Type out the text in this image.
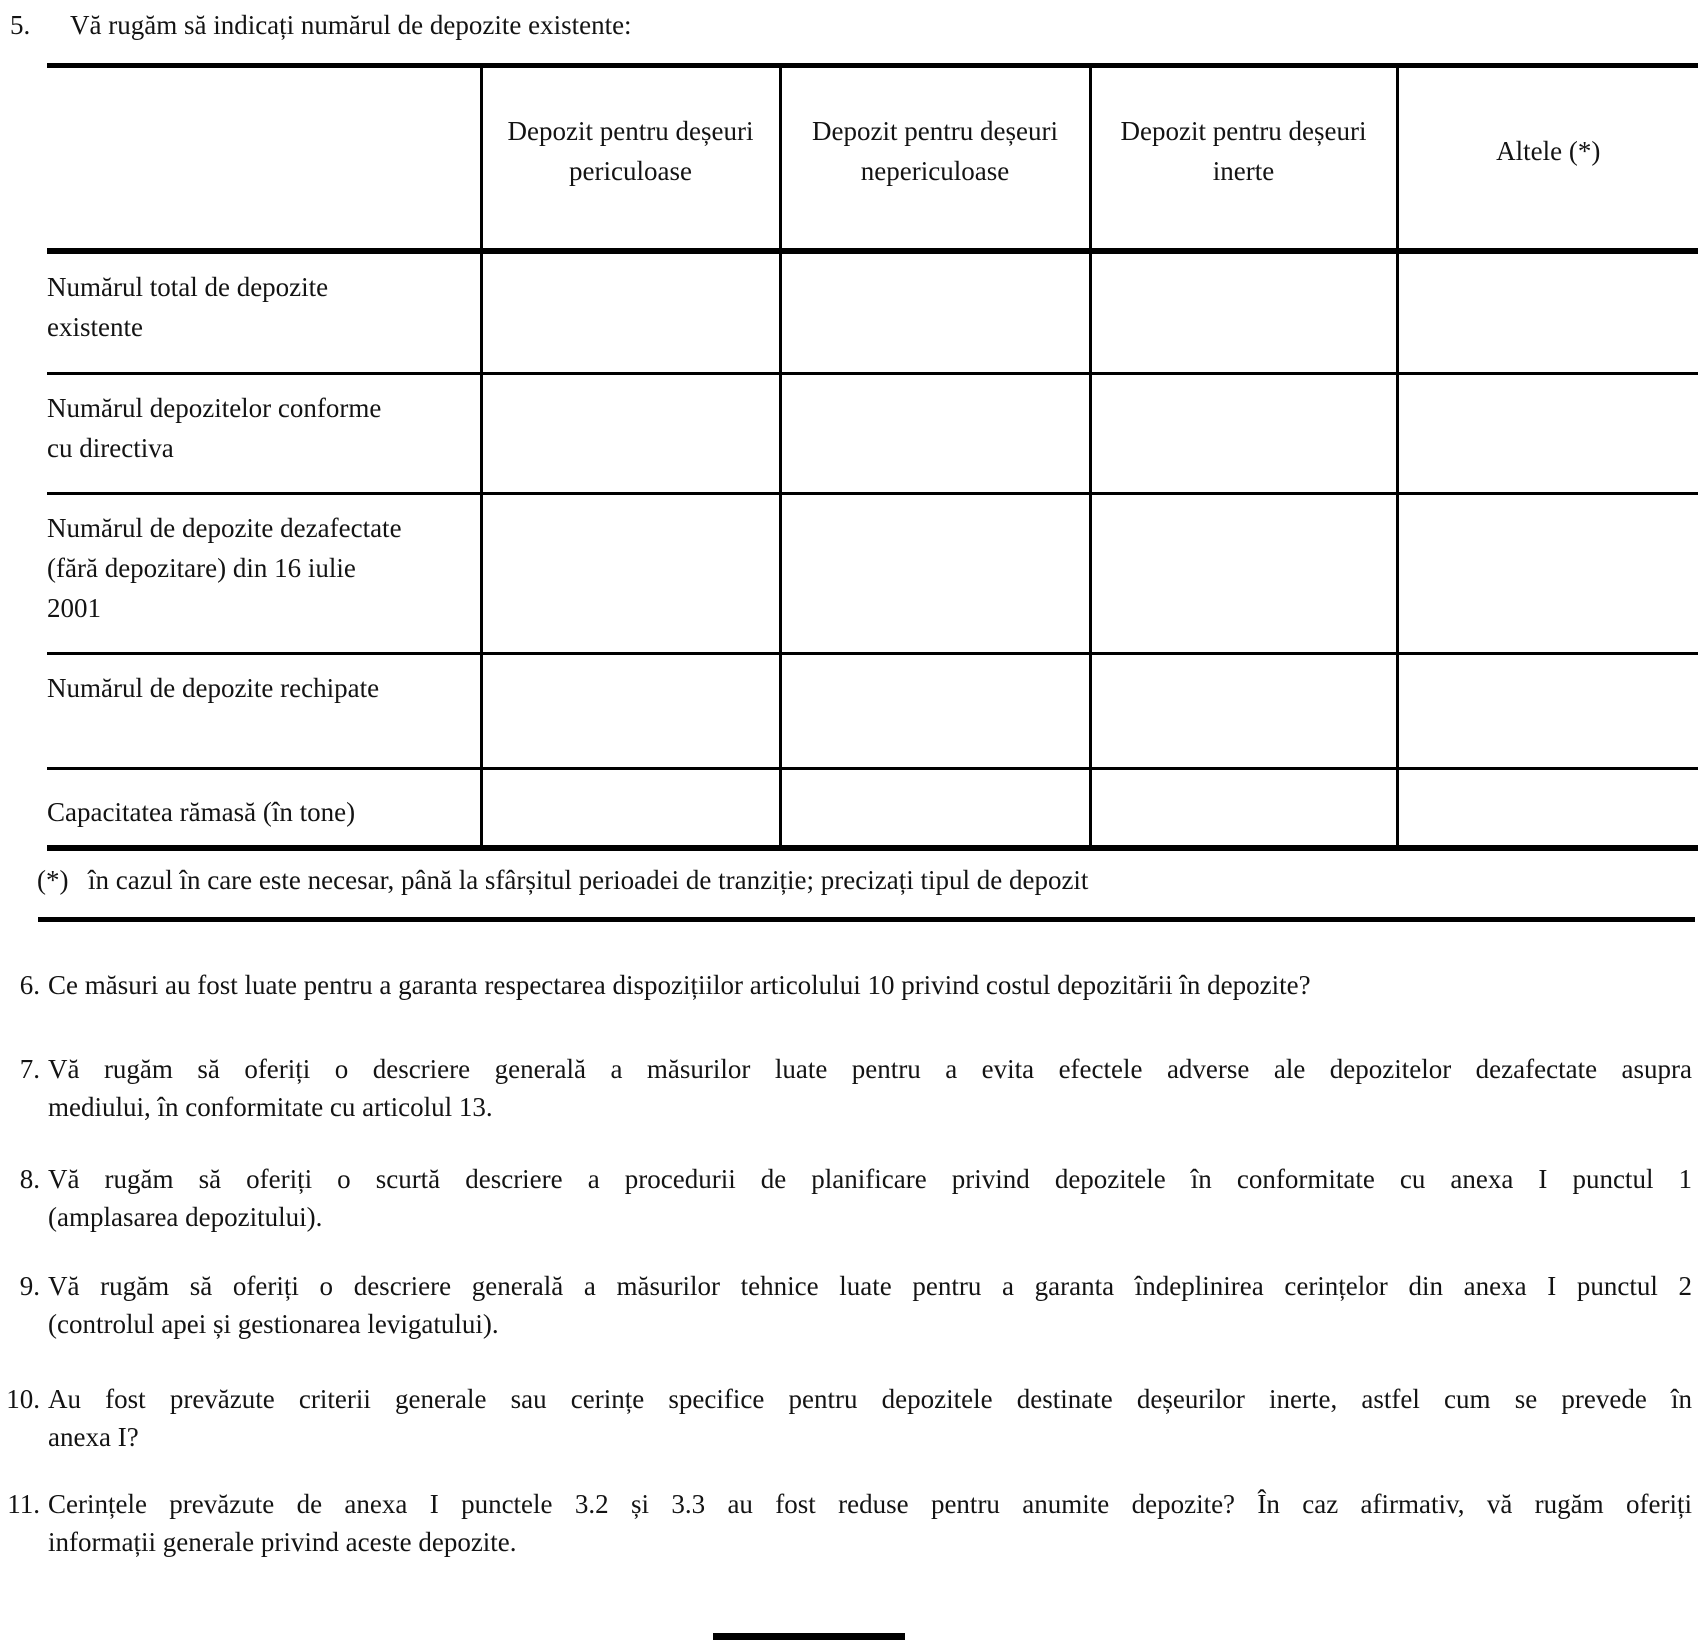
5.	Vă rugăm să indicați numărul de depozite existente:
	Depozit pentru deșeuri periculoase	Depozit pentru deșeuri nepericuloase	Depozit pentru deșeuri inerte	Altele (*)
Numărul total de depozite existente				
Numărul depozitelor conforme cu directiva				
Numărul de depozite dezafectate (fără depozitare) din 16 iulie 2001				
Numărul de depozite rechipate				
Capacitatea rămasă (în tone)				
(*) în cazul în care este necesar, până la sfârșitul perioadei de tranziție; precizați tipul de depozit
6. Ce măsuri au fost luate pentru a garanta respectarea dispozițiilor articolului 10 privind costul depozitării în depozite?
7. Vă rugăm să oferiți o descriere generală a măsurilor luate pentru a evita efectele adverse ale depozitelor dezafectate asupra
mediului, în conformitate cu articolul 13.
8. Vă rugăm să oferiți o scurtă descriere a procedurii de planificare privind depozitele în conformitate cu anexa I punctul 1
(amplasarea depozitului).
9. Vă rugăm să oferiți o descriere generală a măsurilor tehnice luate pentru a garanta îndeplinirea cerințelor din anexa I punctul 2
(controlul apei și gestionarea levigatului).
10. Au fost prevăzute criterii generale sau cerințe specifice pentru depozitele destinate deșeurilor inerte, astfel cum se prevede în
anexa I?
11. Cerințele prevăzute de anexa I punctele 3.2 și 3.3 au fost reduse pentru anumite depozite? În caz afirmativ, vă rugăm oferiți
informații generale privind aceste depozite.
